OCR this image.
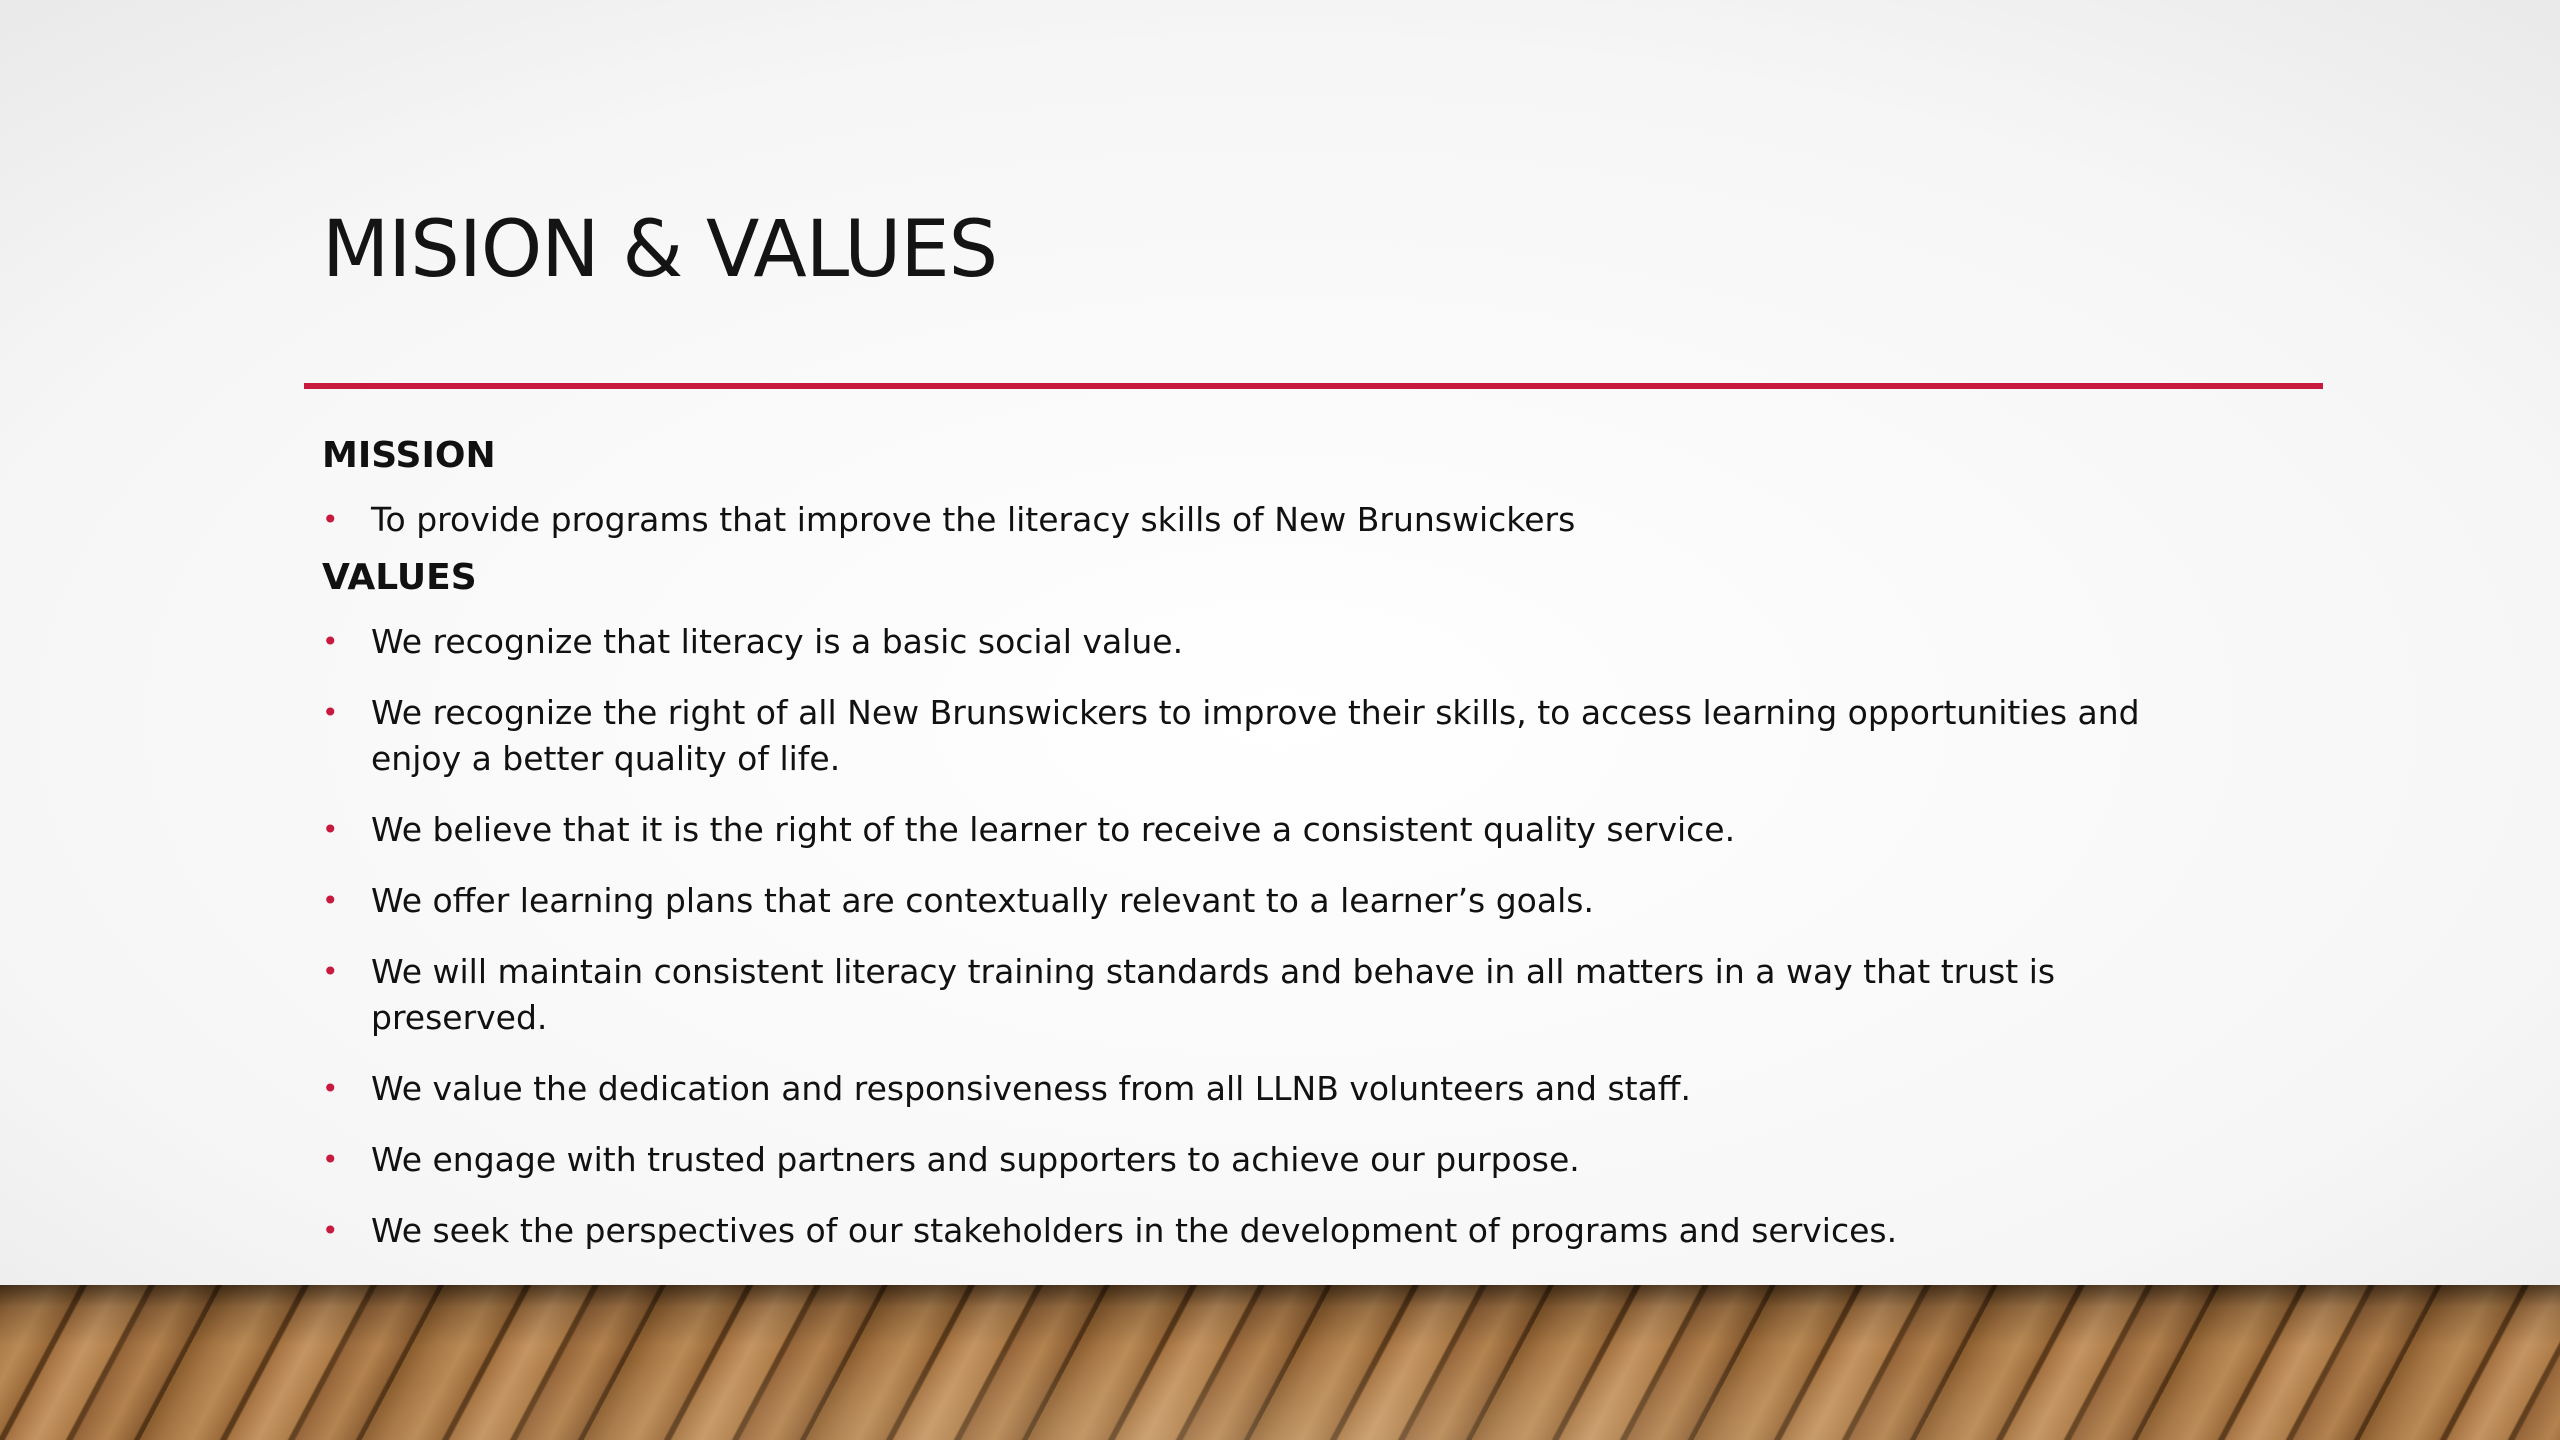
MISION & VALUES
MISSION
• To provide programs that improve the literacy skills of New Brunswickers
VALUES
• We recognize that literacy is a basic social value.
• We recognize the right of all New Brunswickers to improve their skills, to access learning opportunities and enjoy a better quality of life.
• We believe that it is the right of the learner to receive a consistent quality service.
• We offer learning plans that are contextually relevant to a learner’s goals.
• We will maintain consistent literacy training standards and behave in all matters in a way that trust is preserved.
• We value the dedication and responsiveness from all LLNB volunteers and staff.
• We engage with trusted partners and supporters to achieve our purpose.
• We seek the perspectives of our stakeholders in the development of programs and services.
